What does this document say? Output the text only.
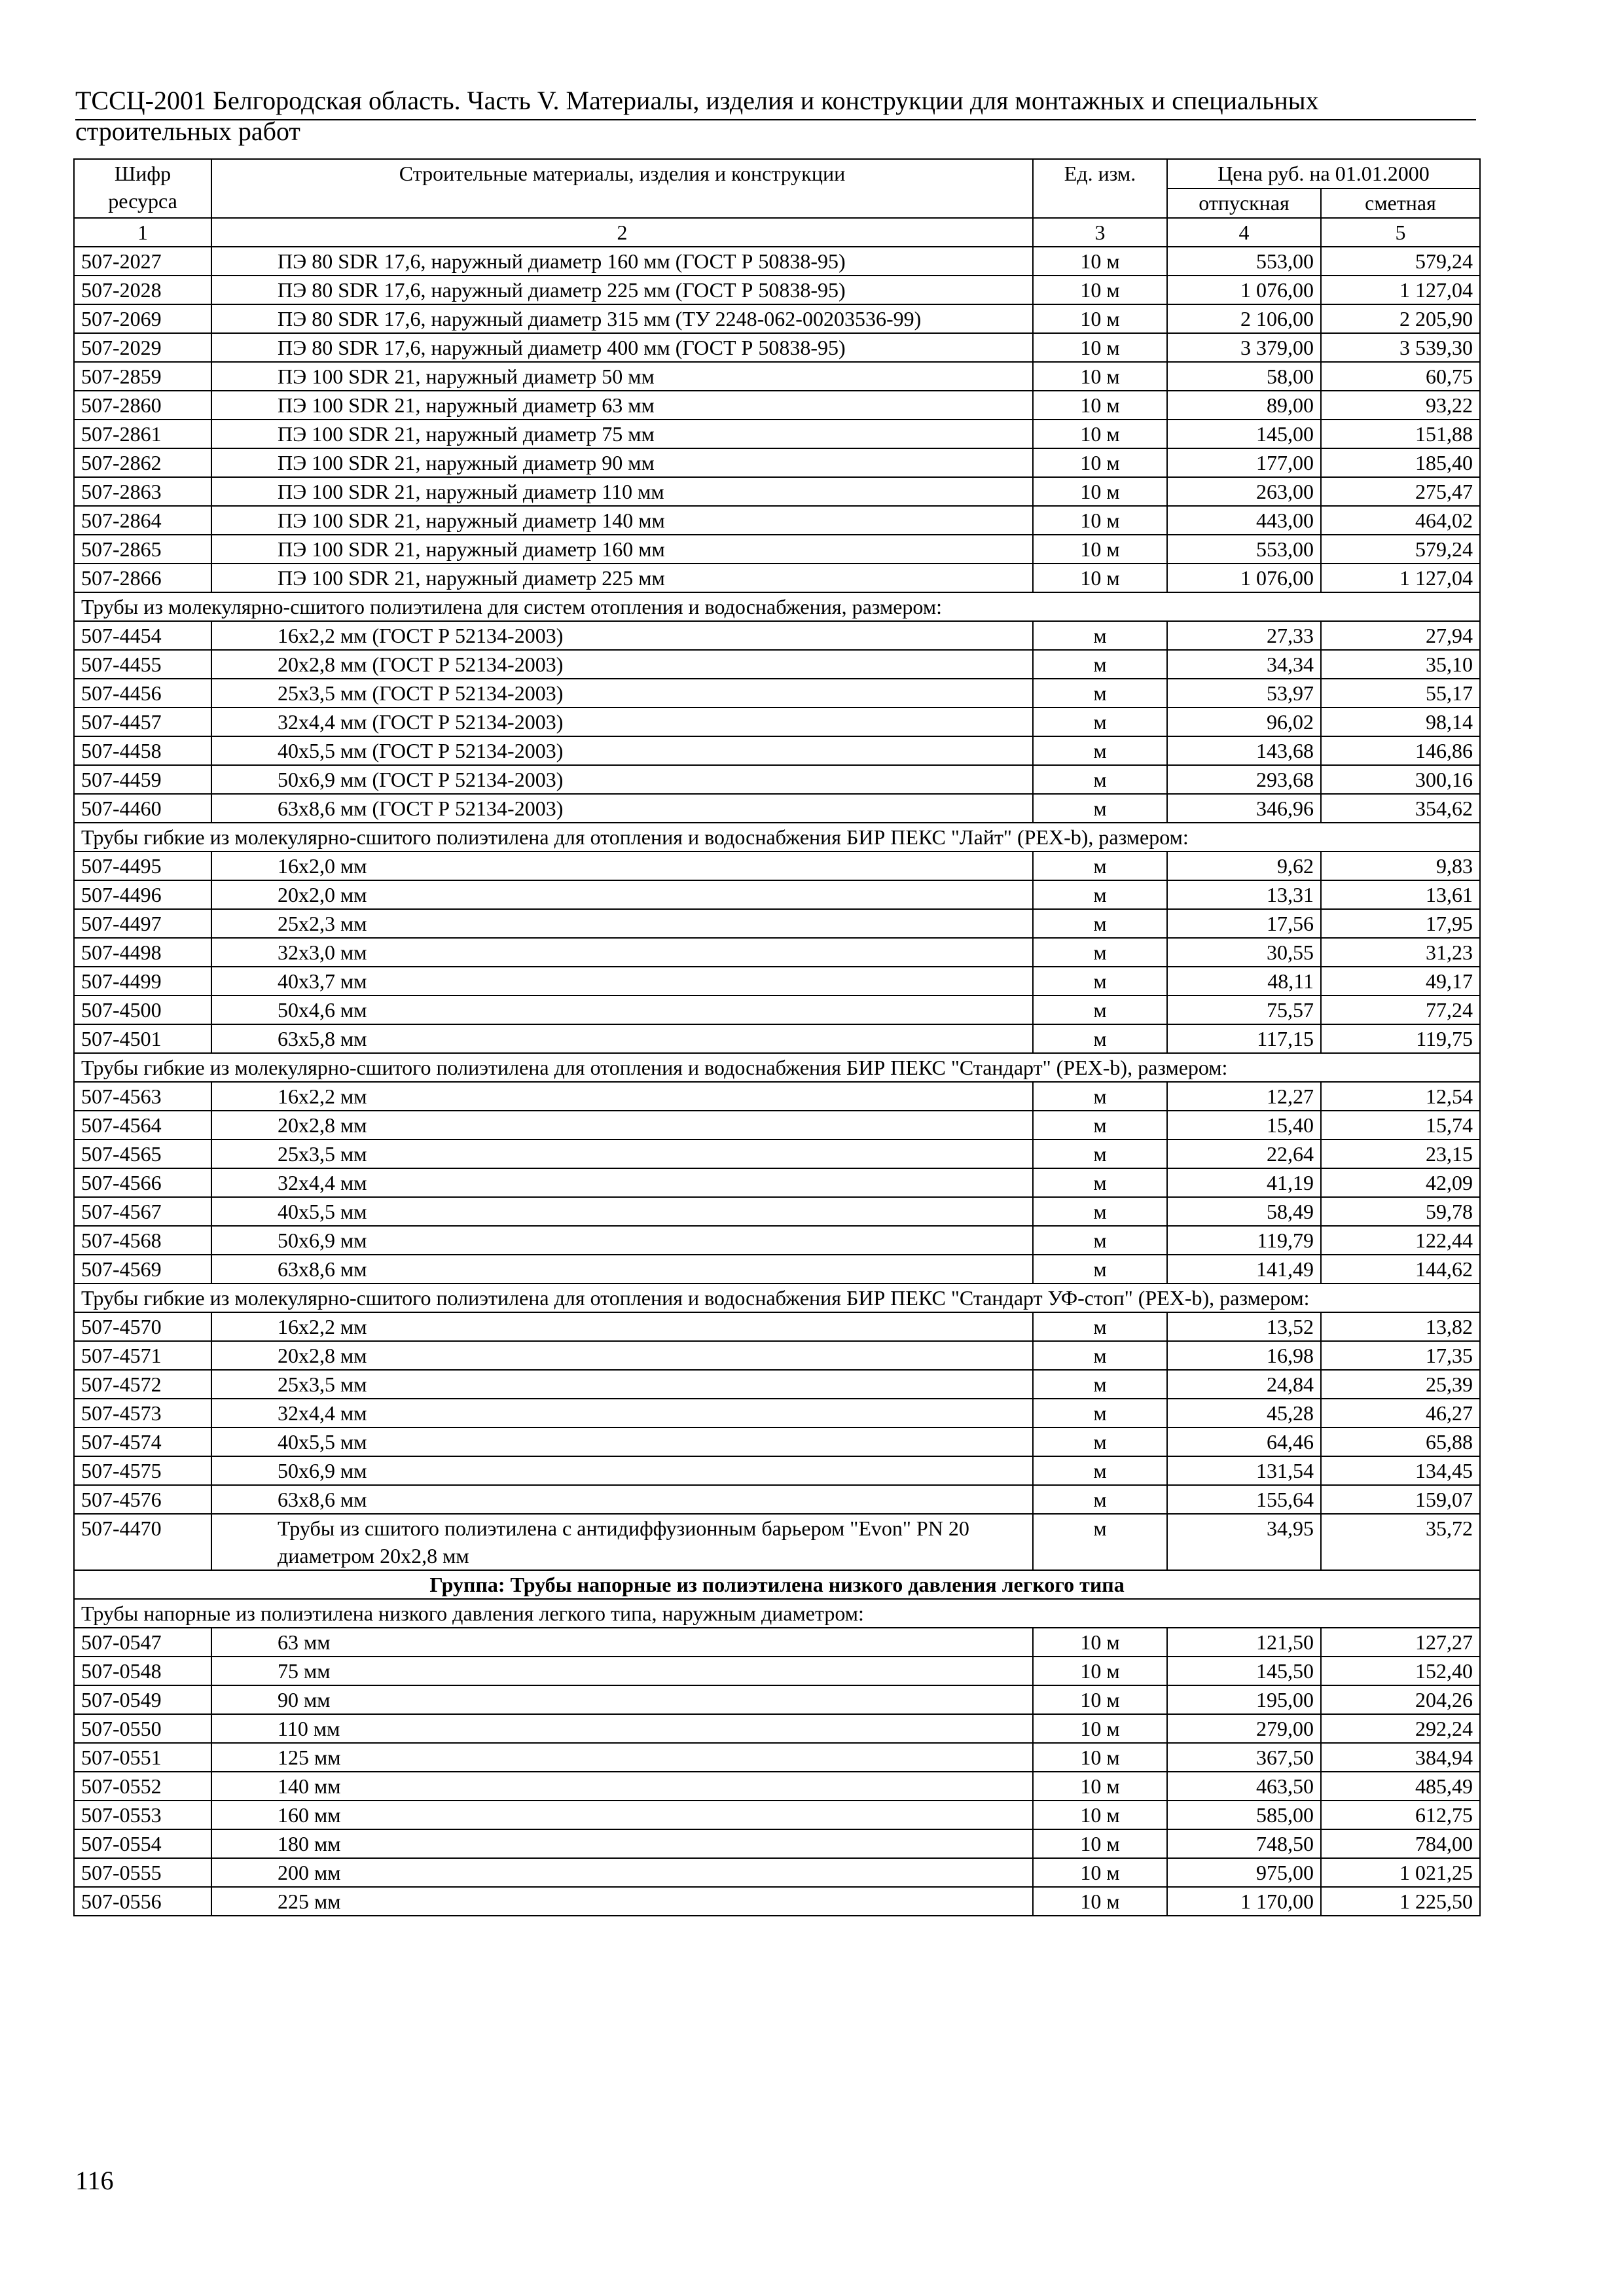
ТССЦ-2001 Белгородская область. Часть V. Материалы, изделия и конструкции для монтажных и специальных
строительных работ
Шифр ресурса	Строительные материалы, изделия и конструкции	Ед. изм.	Цена руб. на 01.01.2000	
			отпускная	сметная
1	2	3	4	5
507-2027	ПЭ 80 SDR 17,6, наружный диаметр 160 мм (ГОСТ Р 50838-95)	10 м	553,00	579,24
507-2028	ПЭ 80 SDR 17,6, наружный диаметр 225 мм (ГОСТ Р 50838-95)	10 м	1 076,00	1 127,04
507-2069	ПЭ 80 SDR 17,6, наружный диаметр 315 мм (ТУ 2248-062-00203536-99)	10 м	2 106,00	2 205,90
507-2029	ПЭ 80 SDR 17,6, наружный диаметр 400 мм (ГОСТ Р 50838-95)	10 м	3 379,00	3 539,30
507-2859	ПЭ 100 SDR 21, наружный диаметр 50 мм	10 м	58,00	60,75
507-2860	ПЭ 100 SDR 21, наружный диаметр 63 мм	10 м	89,00	93,22
507-2861	ПЭ 100 SDR 21, наружный диаметр 75 мм	10 м	145,00	151,88
507-2862	ПЭ 100 SDR 21, наружный диаметр 90 мм	10 м	177,00	185,40
507-2863	ПЭ 100 SDR 21, наружный диаметр 110 мм	10 м	263,00	275,47
507-2864	ПЭ 100 SDR 21, наружный диаметр 140 мм	10 м	443,00	464,02
507-2865	ПЭ 100 SDR 21, наружный диаметр 160 мм	10 м	553,00	579,24
507-2866	ПЭ 100 SDR 21, наружный диаметр 225 мм	10 м	1 076,00	1 127,04
Трубы из молекулярно-сшитого полиэтилена для систем отопления и водоснабжения, размером:				
507-4454	16x2,2 мм (ГОСТ Р 52134-2003)	м	27,33	27,94
507-4455	20x2,8 мм (ГОСТ Р 52134-2003)	м	34,34	35,10
507-4456	25x3,5 мм (ГОСТ Р 52134-2003)	м	53,97	55,17
507-4457	32x4,4 мм (ГОСТ Р 52134-2003)	м	96,02	98,14
507-4458	40x5,5 мм (ГОСТ Р 52134-2003)	м	143,68	146,86
507-4459	50x6,9 мм (ГОСТ Р 52134-2003)	м	293,68	300,16
507-4460	63x8,6 мм (ГОСТ Р 52134-2003)	м	346,96	354,62
Трубы гибкие из молекулярно-сшитого полиэтилена для отопления и водоснабжения БИР ПЕКС "Лайт" (PEX-b), размером:				
507-4495	16x2,0 мм	м	9,62	9,83
507-4496	20x2,0 мм	м	13,31	13,61
507-4497	25x2,3 мм	м	17,56	17,95
507-4498	32x3,0 мм	м	30,55	31,23
507-4499	40x3,7 мм	м	48,11	49,17
507-4500	50x4,6 мм	м	75,57	77,24
507-4501	63x5,8 мм	м	117,15	119,75
Трубы гибкие из молекулярно-сшитого полиэтилена для отопления и водоснабжения БИР ПЕКС "Стандарт" (PEX-b), размером:				
507-4563	16x2,2 мм	м	12,27	12,54
507-4564	20x2,8 мм	м	15,40	15,74
507-4565	25x3,5 мм	м	22,64	23,15
507-4566	32x4,4 мм	м	41,19	42,09
507-4567	40x5,5 мм	м	58,49	59,78
507-4568	50x6,9 мм	м	119,79	122,44
507-4569	63x8,6 мм	м	141,49	144,62
Трубы гибкие из молекулярно-сшитого полиэтилена для отопления и водоснабжения БИР ПЕКС "Стандарт УФ-стоп" (PEX-b), размером:				
507-4570	16x2,2 мм	м	13,52	13,82
507-4571	20x2,8 мм	м	16,98	17,35
507-4572	25x3,5 мм	м	24,84	25,39
507-4573	32x4,4 мм	м	45,28	46,27
507-4574	40x5,5 мм	м	64,46	65,88
507-4575	50x6,9 мм	м	131,54	134,45
507-4576	63x8,6 мм	м	155,64	159,07
507-4470	Трубы из сшитого полиэтилена с антидиффузионным барьером "Evon" PN 20 диаметром 20x2,8 мм	м	34,95	35,72
Группа: Трубы напорные из полиэтилена низкого давления легкого типа				
Трубы напорные из полиэтилена низкого давления легкого типа, наружным диаметром:				
507-0547	63 мм	10 м	121,50	127,27
507-0548	75 мм	10 м	145,50	152,40
507-0549	90 мм	10 м	195,00	204,26
507-0550	110 мм	10 м	279,00	292,24
507-0551	125 мм	10 м	367,50	384,94
507-0552	140 мм	10 м	463,50	485,49
507-0553	160 мм	10 м	585,00	612,75
507-0554	180 мм	10 м	748,50	784,00
507-0555	200 мм	10 м	975,00	1 021,25
507-0556	225 мм	10 м	1 170,00	1 225,50
116
